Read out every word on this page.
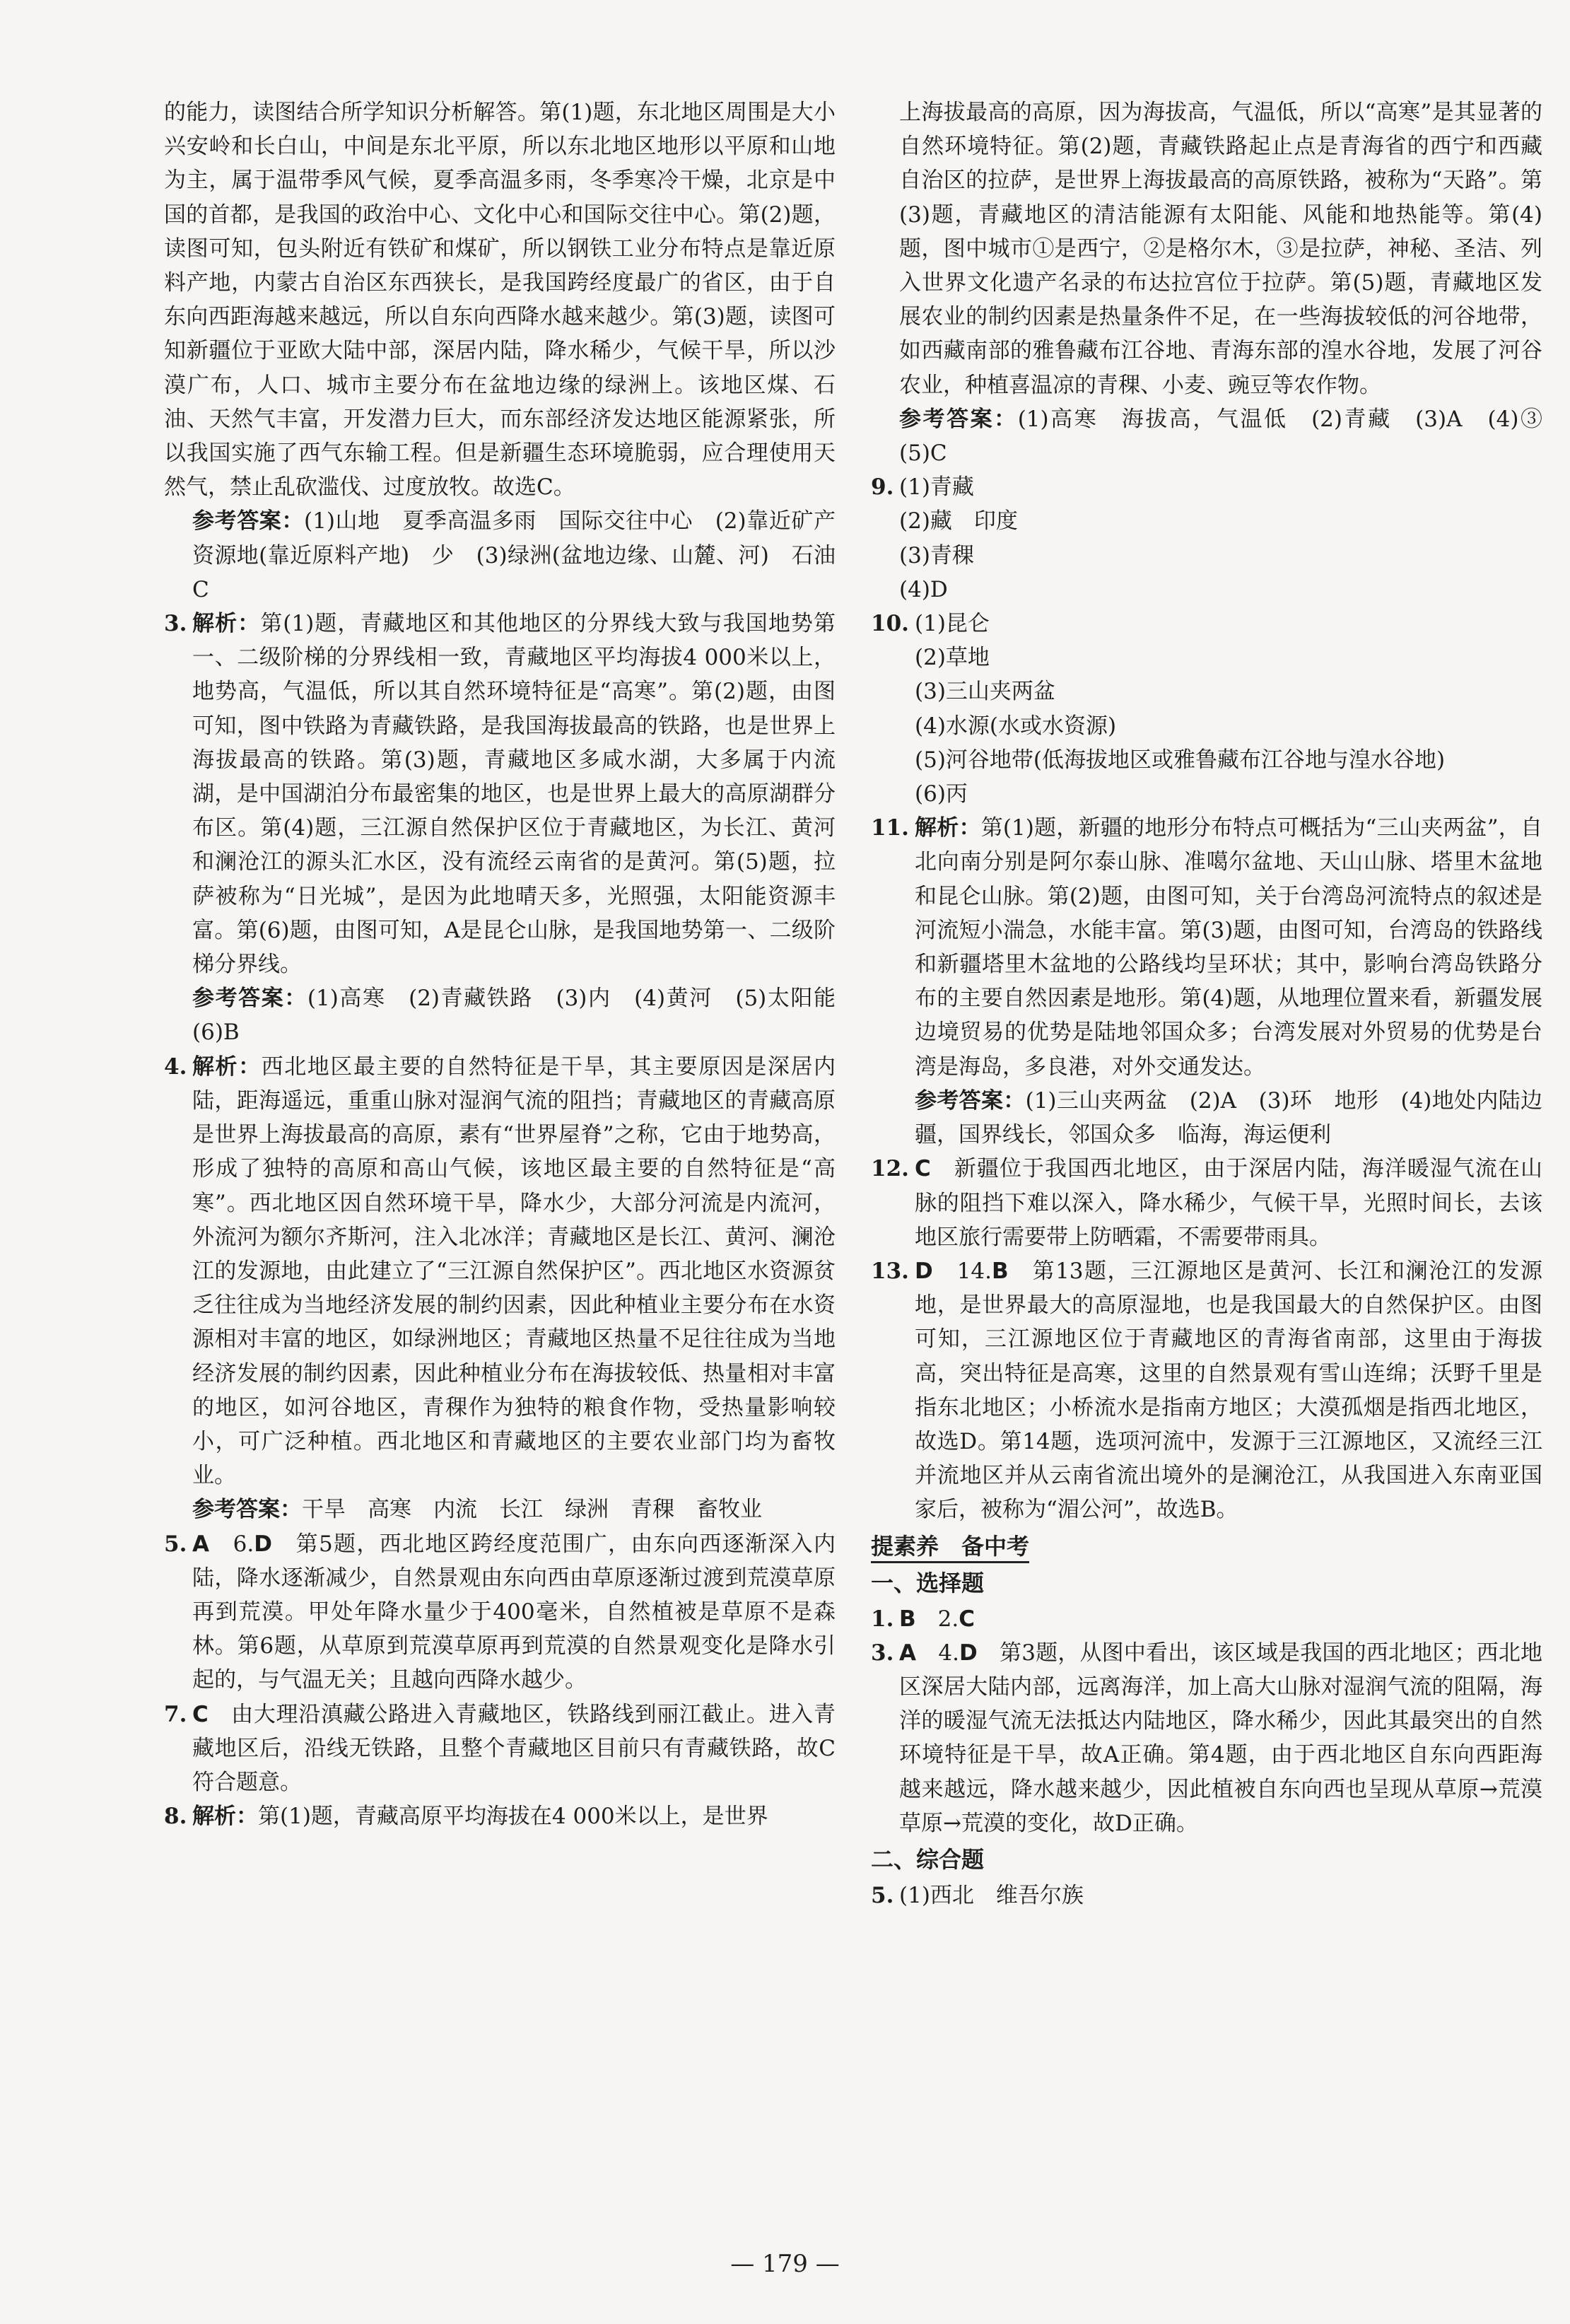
的能力，读图结合所学知识分析解答。第(1)题，东北地区周围是大小兴安岭和长白山，中间是东北平原，所以东北地区地形以平原和山地为主，属于温带季风气候，夏季高温多雨，冬季寒冷干燥，北京是中国的首都，是我国的政治中心、文化中心和国际交往中心。第(2)题，读图可知，包头附近有铁矿和煤矿，所以钢铁工业分布特点是靠近原料产地，内蒙古自治区东西狭长，是我国跨经度最广的省区，由于自东向西距海越来越远，所以自东向西降水越来越少。第(3)题，读图可知新疆位于亚欧大陆中部，深居内陆，降水稀少，气候干旱，所以沙漠广布，人口、城市主要分布在盆地边缘的绿洲上。该地区煤、石油、天然气丰富，开发潜力巨大，而东部经济发达地区能源紧张，所以我国实施了西气东输工程。但是新疆生态环境脆弱，应合理使用天然气，禁止乱砍滥伐、过度放牧。故选C。

参考答案：(1)山地　夏季高温多雨　国际交往中心　(2)靠近矿产资源地(靠近原料产地)　少　(3)绿洲(盆地边缘、山麓、河)　石油　C

3. 解析：第(1)题，青藏地区和其他地区的分界线大致与我国地势第一、二级阶梯的分界线相一致，青藏地区平均海拔4 000米以上，地势高，气温低，所以其自然环境特征是“高寒”。第(2)题，由图可知，图中铁路为青藏铁路，是我国海拔最高的铁路，也是世界上海拔最高的铁路。第(3)题，青藏地区多咸水湖，大多属于内流湖，是中国湖泊分布最密集的地区，也是世界上最大的高原湖群分布区。第(4)题，三江源自然保护区位于青藏地区，为长江、黄河和澜沧江的源头汇水区，没有流经云南省的是黄河。第(5)题，拉萨被称为“日光城”，是因为此地晴天多，光照强，太阳能资源丰富。第(6)题，由图可知，A是昆仑山脉，是我国地势第一、二级阶梯分界线。

参考答案：(1)高寒　(2)青藏铁路　(3)内　(4)黄河　(5)太阳能　(6)B

4. 解析：西北地区最主要的自然特征是干旱，其主要原因是深居内陆，距海遥远，重重山脉对湿润气流的阻挡；青藏地区的青藏高原是世界上海拔最高的高原，素有“世界屋脊”之称，它由于地势高，形成了独特的高原和高山气候，该地区最主要的自然特征是“高寒”。西北地区因自然环境干旱，降水少，大部分河流是内流河，外流河为额尔齐斯河，注入北冰洋；青藏地区是长江、黄河、澜沧江的发源地，由此建立了“三江源自然保护区”。西北地区水资源贫乏往往成为当地经济发展的制约因素，因此种植业主要分布在水资源相对丰富的地区，如绿洲地区；青藏地区热量不足往往成为当地经济发展的制约因素，因此种植业分布在海拔较低、热量相对丰富的地区，如河谷地区，青稞作为独特的粮食作物，受热量影响较小，可广泛种植。西北地区和青藏地区的主要农业部门均为畜牧业。

参考答案：干旱　高寒　内流　长江　绿洲　青稞　畜牧业

5. A　 6.D　 第5题，西北地区跨经度范围广，由东向西逐渐深入内陆，降水逐渐减少，自然景观由东向西由草原逐渐过渡到荒漠草原再到荒漠。甲处年降水量少于400毫米，自然植被是草原不是森林。第6题，从草原到荒漠草原再到荒漠的自然景观变化是降水引起的，与气温无关；且越向西降水越少。
7. C　 由大理沿滇藏公路进入青藏地区，铁路线到丽江截止。进入青藏地区后，沿线无铁路，且整个青藏地区目前只有青藏铁路，故C符合题意。
8. 解析：第(1)题，青藏高原平均海拔在4 000米以上，是世界

上海拔最高的高原，因为海拔高，气温低，所以“高寒”是其显著的自然环境特征。第(2)题，青藏铁路起止点是青海省的西宁和西藏自治区的拉萨，是世界上海拔最高的高原铁路，被称为“天路”。第(3)题，青藏地区的清洁能源有太阳能、风能和地热能等。第(4)题，图中城市①是西宁，②是格尔木，③是拉萨，神秘、圣洁、列入世界文化遗产名录的布达拉宫位于拉萨。第(5)题，青藏地区发展农业的制约因素是热量条件不足，在一些海拔较低的河谷地带，如西藏南部的雅鲁藏布江谷地、青海东部的湟水谷地，发展了河谷农业，种植喜温凉的青稞、小麦、豌豆等农作物。

参考答案：(1)高寒　海拔高，气温低　(2)青藏　(3)A　(4)③　(5)C

9. (1)青藏
(2)藏　印度
(3)青稞
(4)D
10. (1)昆仑
(2)草地
(3)三山夹两盆
(4)水源(水或水资源)
(5)河谷地带(低海拔地区或雅鲁藏布江谷地与湟水谷地)
(6)丙
11. 解析：第(1)题，新疆的地形分布特点可概括为“三山夹两盆”，自北向南分别是阿尔泰山脉、准噶尔盆地、天山山脉、塔里木盆地和昆仑山脉。第(2)题，由图可知，关于台湾岛河流特点的叙述是河流短小湍急，水能丰富。第(3)题，由图可知，台湾岛的铁路线和新疆塔里木盆地的公路线均呈环状；其中，影响台湾岛铁路分布的主要自然因素是地形。第(4)题，从地理位置来看，新疆发展边境贸易的优势是陆地邻国众多；台湾发展对外贸易的优势是台湾是海岛，多良港，对外交通发达。

参考答案：(1)三山夹两盆　(2)A　(3)环　地形　(4)地处内陆边疆，国界线长，邻国众多　临海，海运便利

12. C　 新疆位于我国西北地区，由于深居内陆，海洋暖湿气流在山脉的阻挡下难以深入，降水稀少，气候干旱，光照时间长，去该地区旅行需要带上防晒霜，不需要带雨具。
13. D　 14.B　 第13题，三江源地区是黄河、长江和澜沧江的发源地，是世界最大的高原湿地，也是我国最大的自然保护区。由图可知，三江源地区位于青藏地区的青海省南部，这里由于海拔高，突出特征是高寒，这里的自然景观有雪山连绵；沃野千里是指东北地区；小桥流水是指南方地区；大漠孤烟是指西北地区，故选D。第14题，选项河流中，发源于三江源地区，又流经三江并流地区并从云南省流出境外的是澜沧江，从我国进入东南亚国家后，被称为“湄公河”，故选B。
提素养　备中考
一、选择题
1. B　 2.C
3. A　 4.D　 第3题，从图中看出，该区域是我国的西北地区；西北地区深居大陆内部，远离海洋，加上高大山脉对湿润气流的阻隔，海洋的暖湿气流无法抵达内陆地区，降水稀少，因此其最突出的自然环境特征是干旱，故A正确。第4题，由于西北地区自东向西距海越来越远，降水越来越少，因此植被自东向西也呈现从草原→荒漠草原→荒漠的变化，故D正确。
二、综合题
5. (1)西北　维吾尔族
— 179 —
